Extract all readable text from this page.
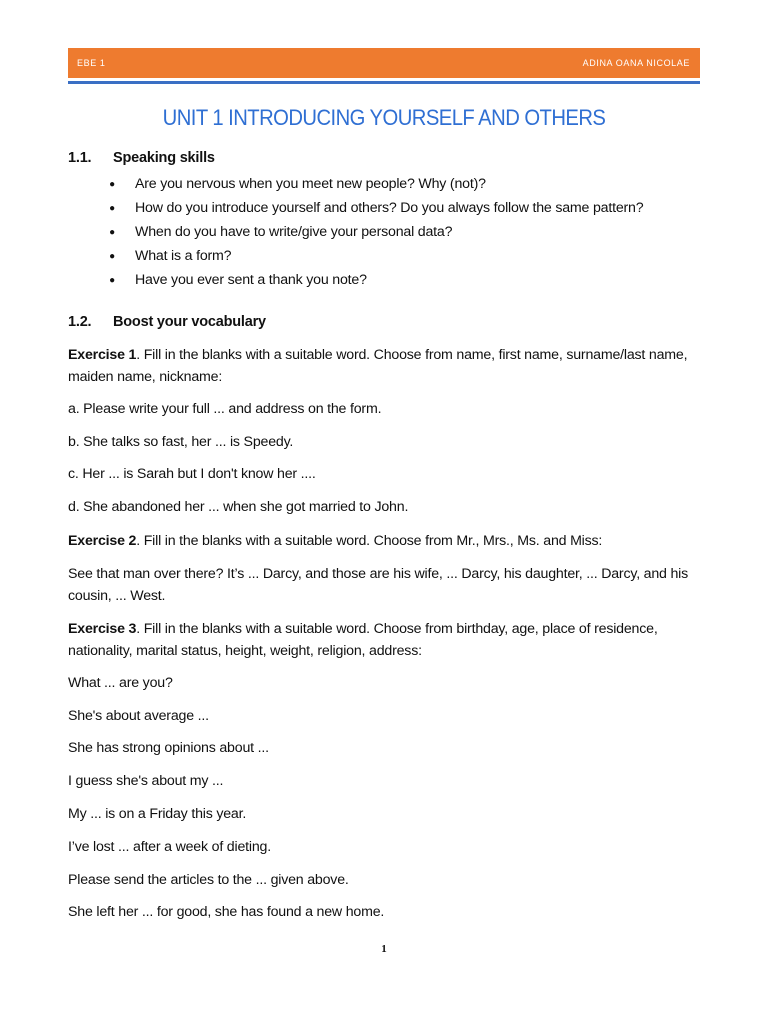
EBE 1	ADINA OANA NICOLAE
UNIT 1 INTRODUCING YOURSELF AND OTHERS
1.1.	Speaking skills
●	Are you nervous when you meet new people? Why (not)?
●	How do you introduce yourself and others? Do you always follow the same pattern?
●	When do you have to write/give your personal data?
●	What is a form?
●	Have you ever sent a thank you note?
1.2.	Boost your vocabulary
Exercise 1. Fill in the blanks with a suitable word. Choose from name, first name, surname/last name, maiden name, nickname:
a. Please write your full ... and address on the form.
b. She talks so fast, her ... is Speedy.
c. Her ... is Sarah but I don't know her ....
d. She abandoned her ... when she got married to John.
Exercise 2. Fill in the blanks with a suitable word. Choose from Mr., Mrs., Ms. and Miss:
See that man over there? It’s ... Darcy, and those are his wife, ... Darcy, his daughter, ... Darcy, and his cousin, ... West.
Exercise 3. Fill in the blanks with a suitable word. Choose from birthday, age, place of residence, nationality, marital status, height, weight, religion, address:
What ... are you?
She's about average ...
She has strong opinions about ...
I guess she's about my ...
My ... is on a Friday this year.
I’ve lost ... after a week of dieting.
Please send the articles to the ... given above.
She left her ... for good, she has found a new home.
1
